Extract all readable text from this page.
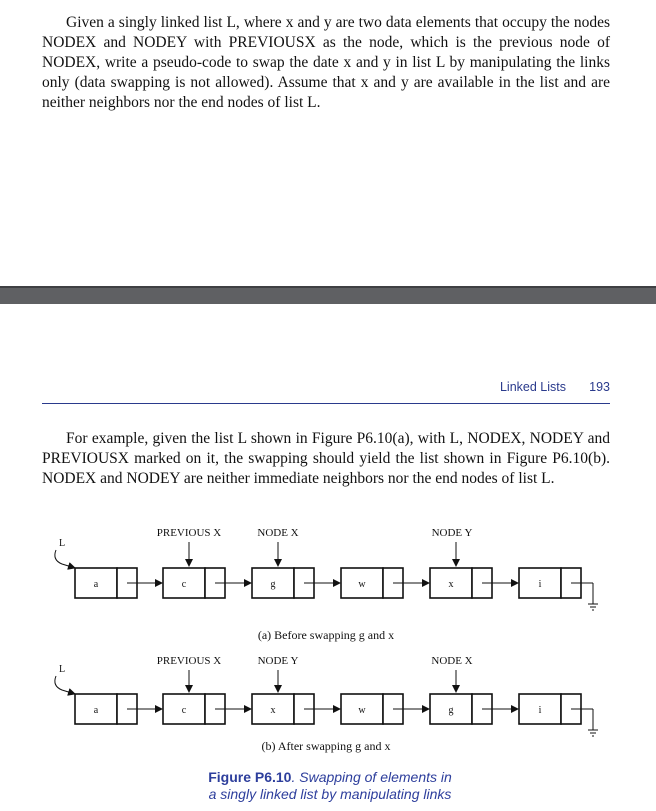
Given a singly linked list L, where x and y are two data elements that occupy the nodes NODEX and NODEY with PREVIOUSX as the node, which is the previous node of NODEX, write a pseudo-code to swap the date x and y in list L by manipulating the links only (data swapping is not allowed). Assume that x and y are available in the list and are neither neighbors nor the end nodes of list L.
Linked Lists 193
For example, given the list L shown in Figure P6.10(a), with L, NODEX, NODEY and PREVIOUSX marked on it, the swapping should yield the list shown in Figure P6.10(b). NODEX and NODEY are neither immediate neighbors nor the end nodes of list L.
L
a	c	g	w	x	i
PREVIOUS X	NODE X	NODE Y
(a) Before swapping g and x
L
a	c	x	w	g	i
PREVIOUS X	NODE Y	NODE X
(b) After swapping g and x
Figure P6.10. Swapping of elements in
a singly linked list by manipulating links
